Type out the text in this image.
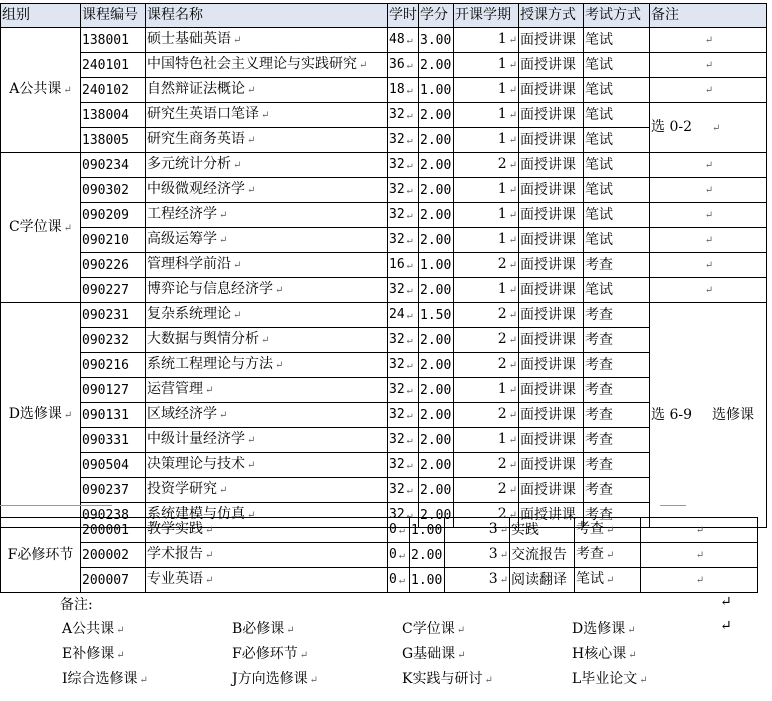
组别	课程编号	课程名称	学时	学分	开课学期	授课方式	考试方式	备注
A公共课 ↵	138001	硕士基础英语 ↵	48 ↵	3.00	1 ↵	面授讲课	笔试	↵
	240101	中国特色社会主义理论与实践研究 ↵	36 ↵	2.00	1 ↵	面授讲课	笔试	↵
	240102	自然辩证法概论 ↵	18 ↵	1.00	1 ↵	面授讲课	笔试	↵
	138004	研究生英语口笔译 ↵	32 ↵	2.00	1 ↵	面授讲课	笔试	选 0-2 ↵
	138005	研究生商务英语 ↵	32 ↵	2.00	1 ↵	面授讲课	笔试	
C学位课 ↵	090234	多元统计分析 ↵	32 ↵	2.00	2 ↵	面授讲课	笔试	↵
	090302	中级微观经济学 ↵	32 ↵	2.00	1 ↵	面授讲课	笔试	↵
	090209	工程经济学 ↵	32 ↵	2.00	1 ↵	面授讲课	笔试	↵
	090210	高级运筹学 ↵	32 ↵	2.00	1 ↵	面授讲课	笔试	↵
	090226	管理科学前沿 ↵	16 ↵	1.00	2 ↵	面授讲课	考查	↵
	090227	博弈论与信息经济学 ↵	32 ↵	2.00	1 ↵	面授讲课	笔试	↵
D选修课 ↵	090231	复杂系统理论 ↵	24 ↵	1.50	2 ↵	面授讲课	考查	选 6-9 选修课
	090232	大数据与舆情分析 ↵	32 ↵	2.00	2 ↵	面授讲课	考查	
	090216	系统工程理论与方法 ↵	32 ↵	2.00	2 ↵	面授讲课	考查	
	090127	运营管理 ↵	32 ↵	2.00	1 ↵	面授讲课	考查	
	090131	区域经济学 ↵	32 ↵	2.00	2 ↵	面授讲课	考查	
	090331	中级计量经济学 ↵	32 ↵	2.00	1 ↵	面授讲课	考查	
	090504	决策理论与技术 ↵	32 ↵	2.00	2 ↵	面授讲课	考查	
	090237	投资学研究 ↵	32 ↵	2.00	2 ↵	面授讲课	考查	
	090238	系统建模与仿真 ↵	32 ↵	2.00	2 ↵	面授讲课	考查	
F必修环节	200001	教学实践 ↵	0 ↵	1.00	3 ↵	实践	考查 ↵	↵
	200002	学术报告 ↵	0 ↵	2.00	3 ↵	交流报告	考查 ↵	↵
	200007	专业英语 ↵	0 ↵	1.00	3 ↵	阅读翻译	笔试 ↵	↵
备注:	↵
↵
A公共课 ↵	B必修课 ↵	C学位课 ↵	D选修课 ↵
E补修课 ↵	F必修环节 ↵	G基础课 ↵	H核心课 ↵
I综合选修课 ↵	J方向选修课 ↵	K实践与研讨 ↵	L毕业论文 ↵
